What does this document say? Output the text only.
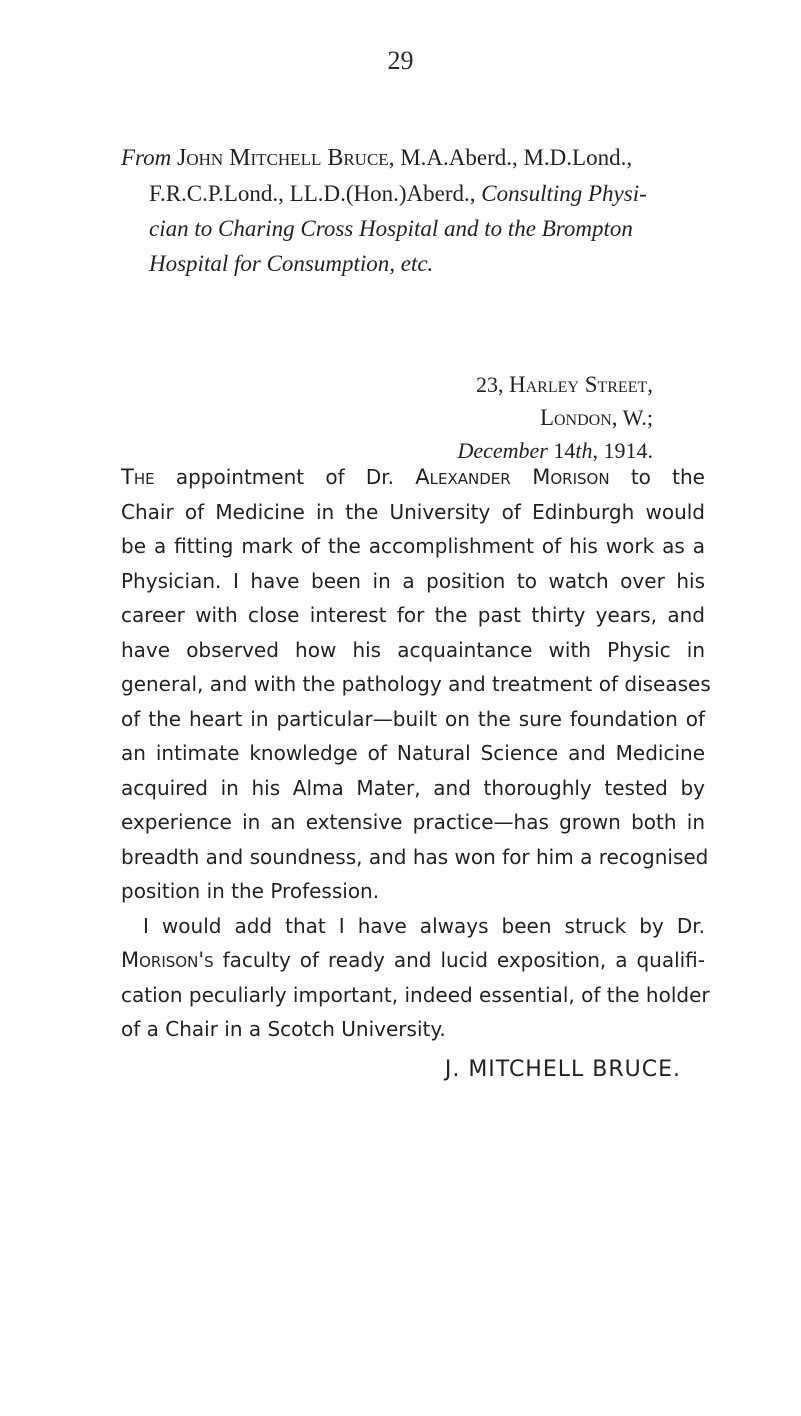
29
From John Mitchell Bruce, M.A.Aberd., M.D.Lond.,
F.R.C.P.Lond., LL.D.(Hon.)Aberd., Consulting Physi-
cian to Charing Cross Hospital and to the Brompton
Hospital for Consumption, etc.
23, Harley Street,
London, W.;
December 14th, 1914.
The appointment of Dr. Alexander Morison to the
Chair of Medicine in the University of Edinburgh would
be a fitting mark of the accomplishment of his work as a
Physician. I have been in a position to watch over his
career with close interest for the past thirty years, and
have observed how his acquaintance with Physic in
general, and with the pathology and treatment of diseases
of the heart in particular—built on the sure foundation of
an intimate knowledge of Natural Science and Medicine
acquired in his Alma Mater, and thoroughly tested by
experience in an extensive practice—has grown both in
breadth and soundness, and has won for him a recognised
position in the Profession.
I would add that I have always been struck by Dr.
Morison's faculty of ready and lucid exposition, a qualifi-
cation peculiarly important, indeed essential, of the holder
of a Chair in a Scotch University.
J. MITCHELL BRUCE.
